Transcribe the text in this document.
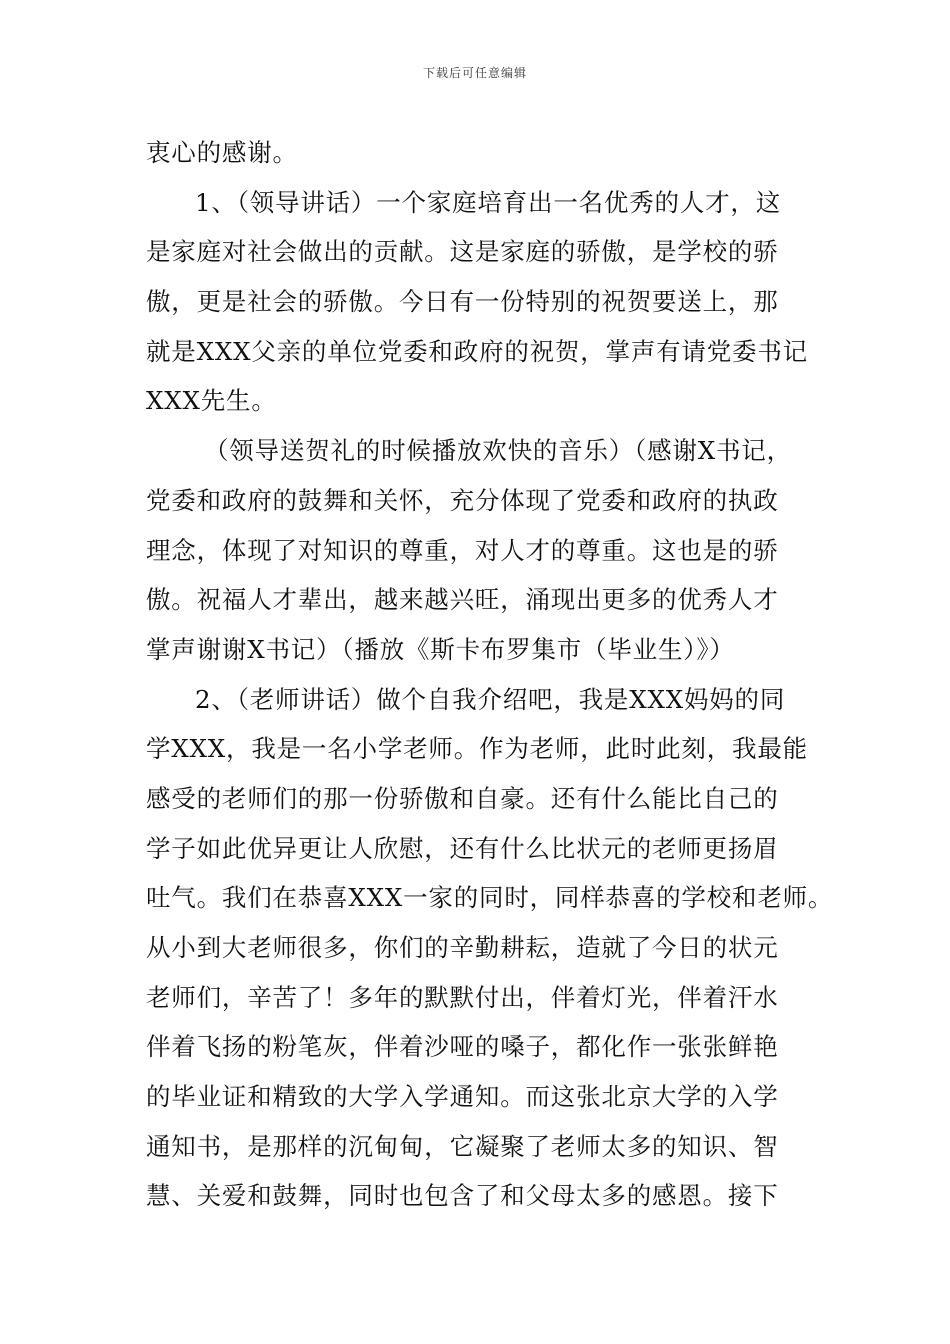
下载后可任意编辑
衷心的感谢。
1、（领导讲话）一个家庭培育出一名优秀的人才，这
是家庭对社会做出的贡献。这是家庭的骄傲，是学校的骄
傲，更是社会的骄傲。今日有一份特别的祝贺要送上，那
就是XXX父亲的单位党委和政府的祝贺，掌声有请党委书记
XXX先生。
（领导送贺礼的时候播放欢快的音乐）（感谢X书记，
党委和政府的鼓舞和关怀，充分体现了党委和政府的执政
理念，体现了对知识的尊重，对人才的尊重。这也是的骄
傲。祝福人才辈出，越来越兴旺，涌现出更多的优秀人才
掌声谢谢X书记）（播放《斯卡布罗集市（毕业生）》）
2、（老师讲话）做个自我介绍吧，我是XXX妈妈的同
学XXX，我是一名小学老师。作为老师，此时此刻，我最能
感受的老师们的那一份骄傲和自豪。还有什么能比自己的
学子如此优异更让人欣慰，还有什么比状元的老师更扬眉
吐气。我们在恭喜XXX一家的同时，同样恭喜的学校和老师。
从小到大老师很多，你们的辛勤耕耘，造就了今日的状元
老师们，辛苦了！多年的默默付出，伴着灯光，伴着汗水
伴着飞扬的粉笔灰，伴着沙哑的嗓子，都化作一张张鲜艳
的毕业证和精致的大学入学通知。而这张北京大学的入学
通知书，是那样的沉甸甸，它凝聚了老师太多的知识、智
慧、关爱和鼓舞，同时也包含了和父母太多的感恩。接下
